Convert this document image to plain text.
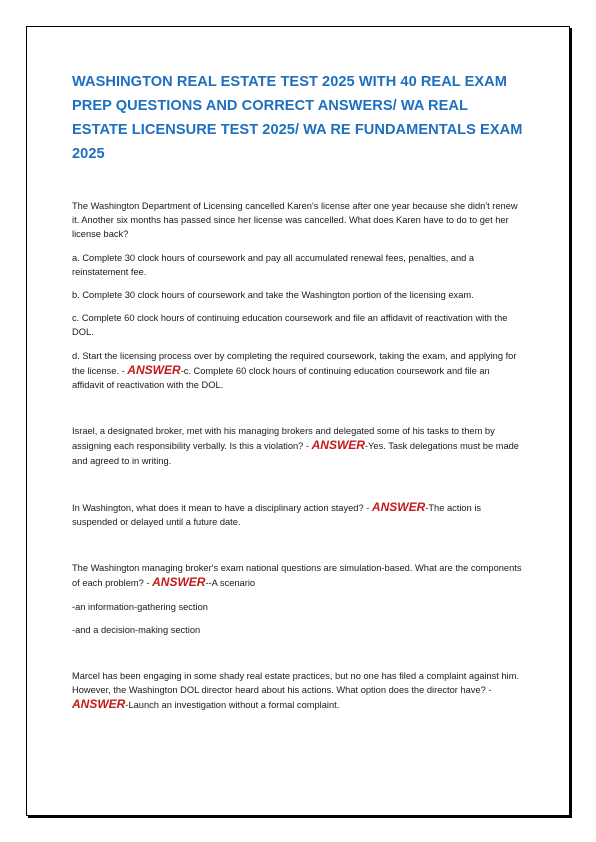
WASHINGTON REAL ESTATE TEST 2025 WITH 40 REAL EXAM PREP QUESTIONS AND CORRECT ANSWERS/ WA REAL ESTATE LICENSURE TEST 2025/ WA RE FUNDAMENTALS EXAM 2025

The Washington Department of Licensing cancelled Karen's license after one year because she didn't renew it. Another six months has passed since her license was cancelled. What does Karen have to do to get her license back?

a. Complete 30 clock hours of coursework and pay all accumulated renewal fees, penalties, and a reinstatement fee.

b. Complete 30 clock hours of coursework and take the Washington portion of the licensing exam.

c. Complete 60 clock hours of continuing education coursework and file an affidavit of reactivation with the DOL.

d. Start the licensing process over by completing the required coursework, taking the exam, and applying for the license. - ANSWER-c. Complete 60 clock hours of continuing education coursework and file an affidavit of reactivation with the DOL.

Israel, a designated broker, met with his managing brokers and delegated some of his tasks to them by assigning each responsibility verbally. Is this a violation? - ANSWER-Yes. Task delegations must be made and agreed to in writing.

In Washington, what does it mean to have a disciplinary action stayed? - ANSWER-The action is suspended or delayed until a future date.

The Washington managing broker's exam national questions are simulation-based. What are the components of each problem? - ANSWER--A scenario

-an information-gathering section

-and a decision-making section

Marcel has been engaging in some shady real estate practices, but no one has filed a complaint against him. However, the Washington DOL director heard about his actions. What option does the director have? - ANSWER-Launch an investigation without a formal complaint.
